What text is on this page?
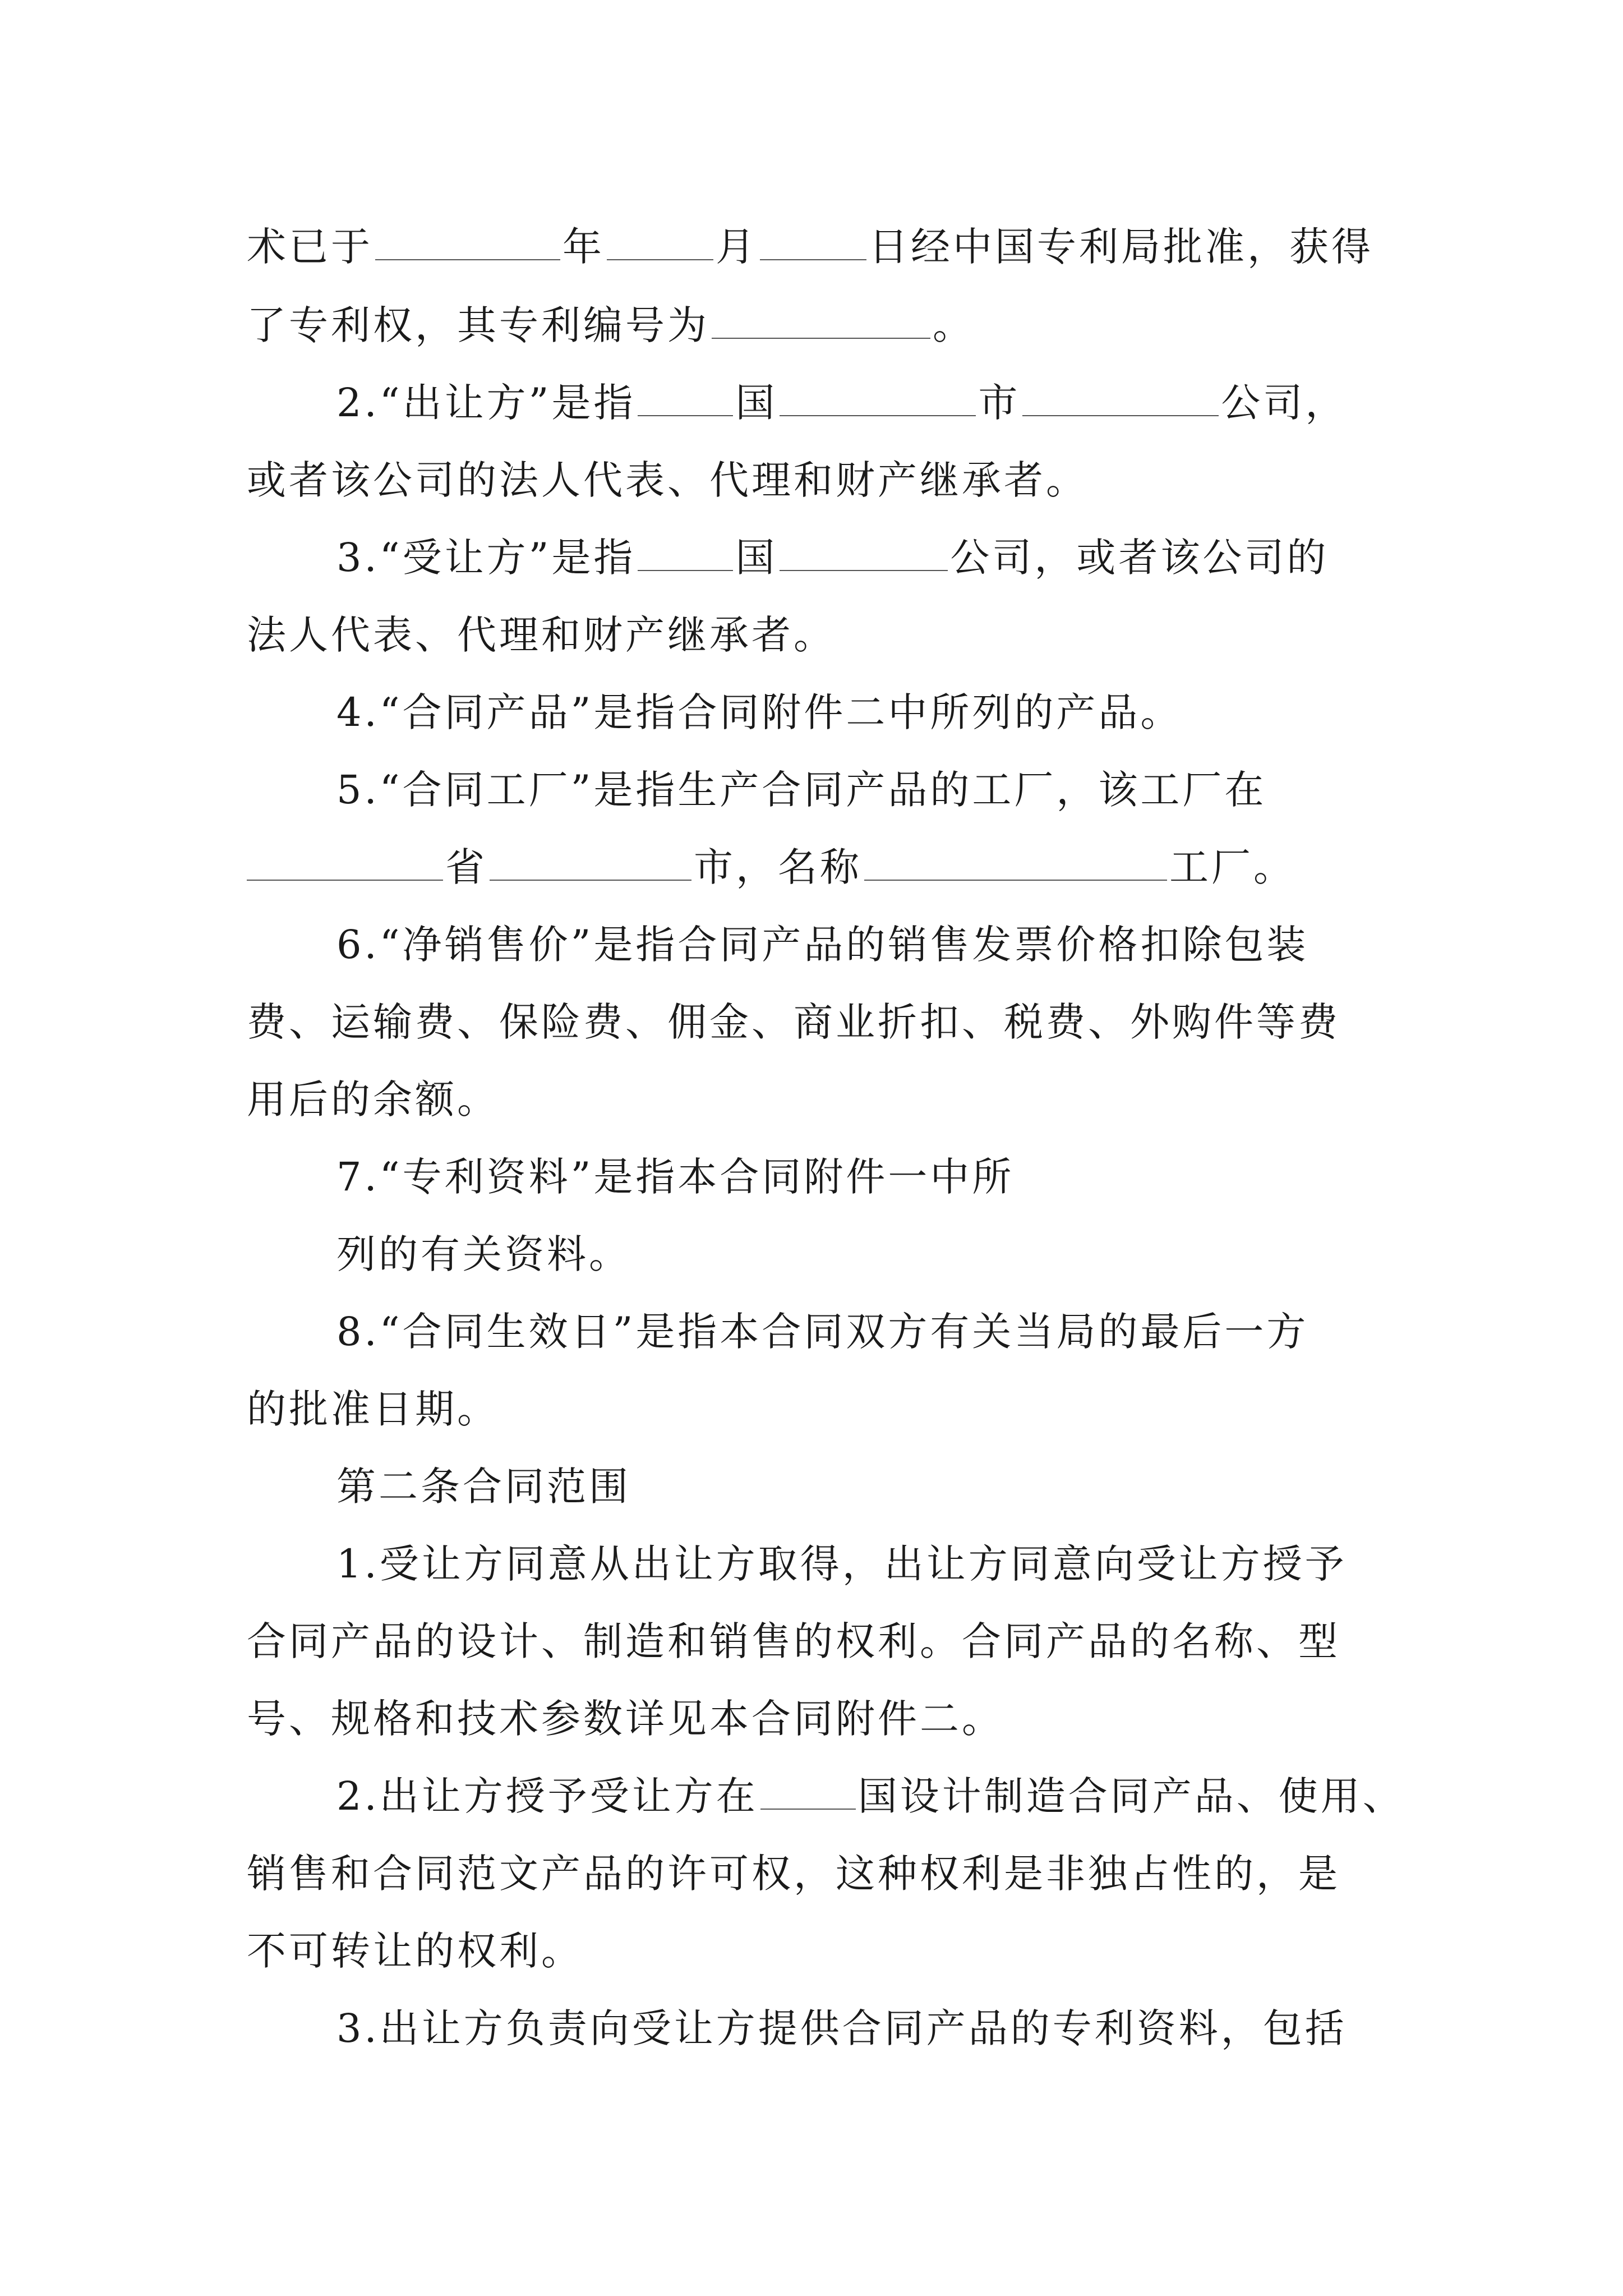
术已于	年	月	日经中国专利局批准，获得
了专利权，其专利编号为	。
2.“出让方”是指	国	市	公司，
或者该公司的法人代表、代理和财产继承者。
3.“受让方”是指	国	公司，或者该公司的
法人代表、代理和财产继承者。
4.“合同产品”是指合同附件二中所列的产品。
5.“合同工厂”是指生产合同产品的工厂，该工厂在
省	市，名称	工厂。
6.“净销售价”是指合同产品的销售发票价格扣除包装
费、运输费、保险费、佣金、商业折扣、税费、外购件等费
用后的余额。
7.“专利资料”是指本合同附件一中所
列的有关资料。
8.“合同生效日”是指本合同双方有关当局的最后一方
的批准日期。
第二条合同范围
1.受让方同意从出让方取得，出让方同意向受让方授予
合同产品的设计、制造和销售的权利。合同产品的名称、型
号、规格和技术参数详见本合同附件二。
2.出让方授予受让方在	国设计制造合同产品、使用、
销售和合同范文产品的许可权，这种权利是非独占性的，是
不可转让的权利。
3.出让方负责向受让方提供合同产品的专利资料，包括
